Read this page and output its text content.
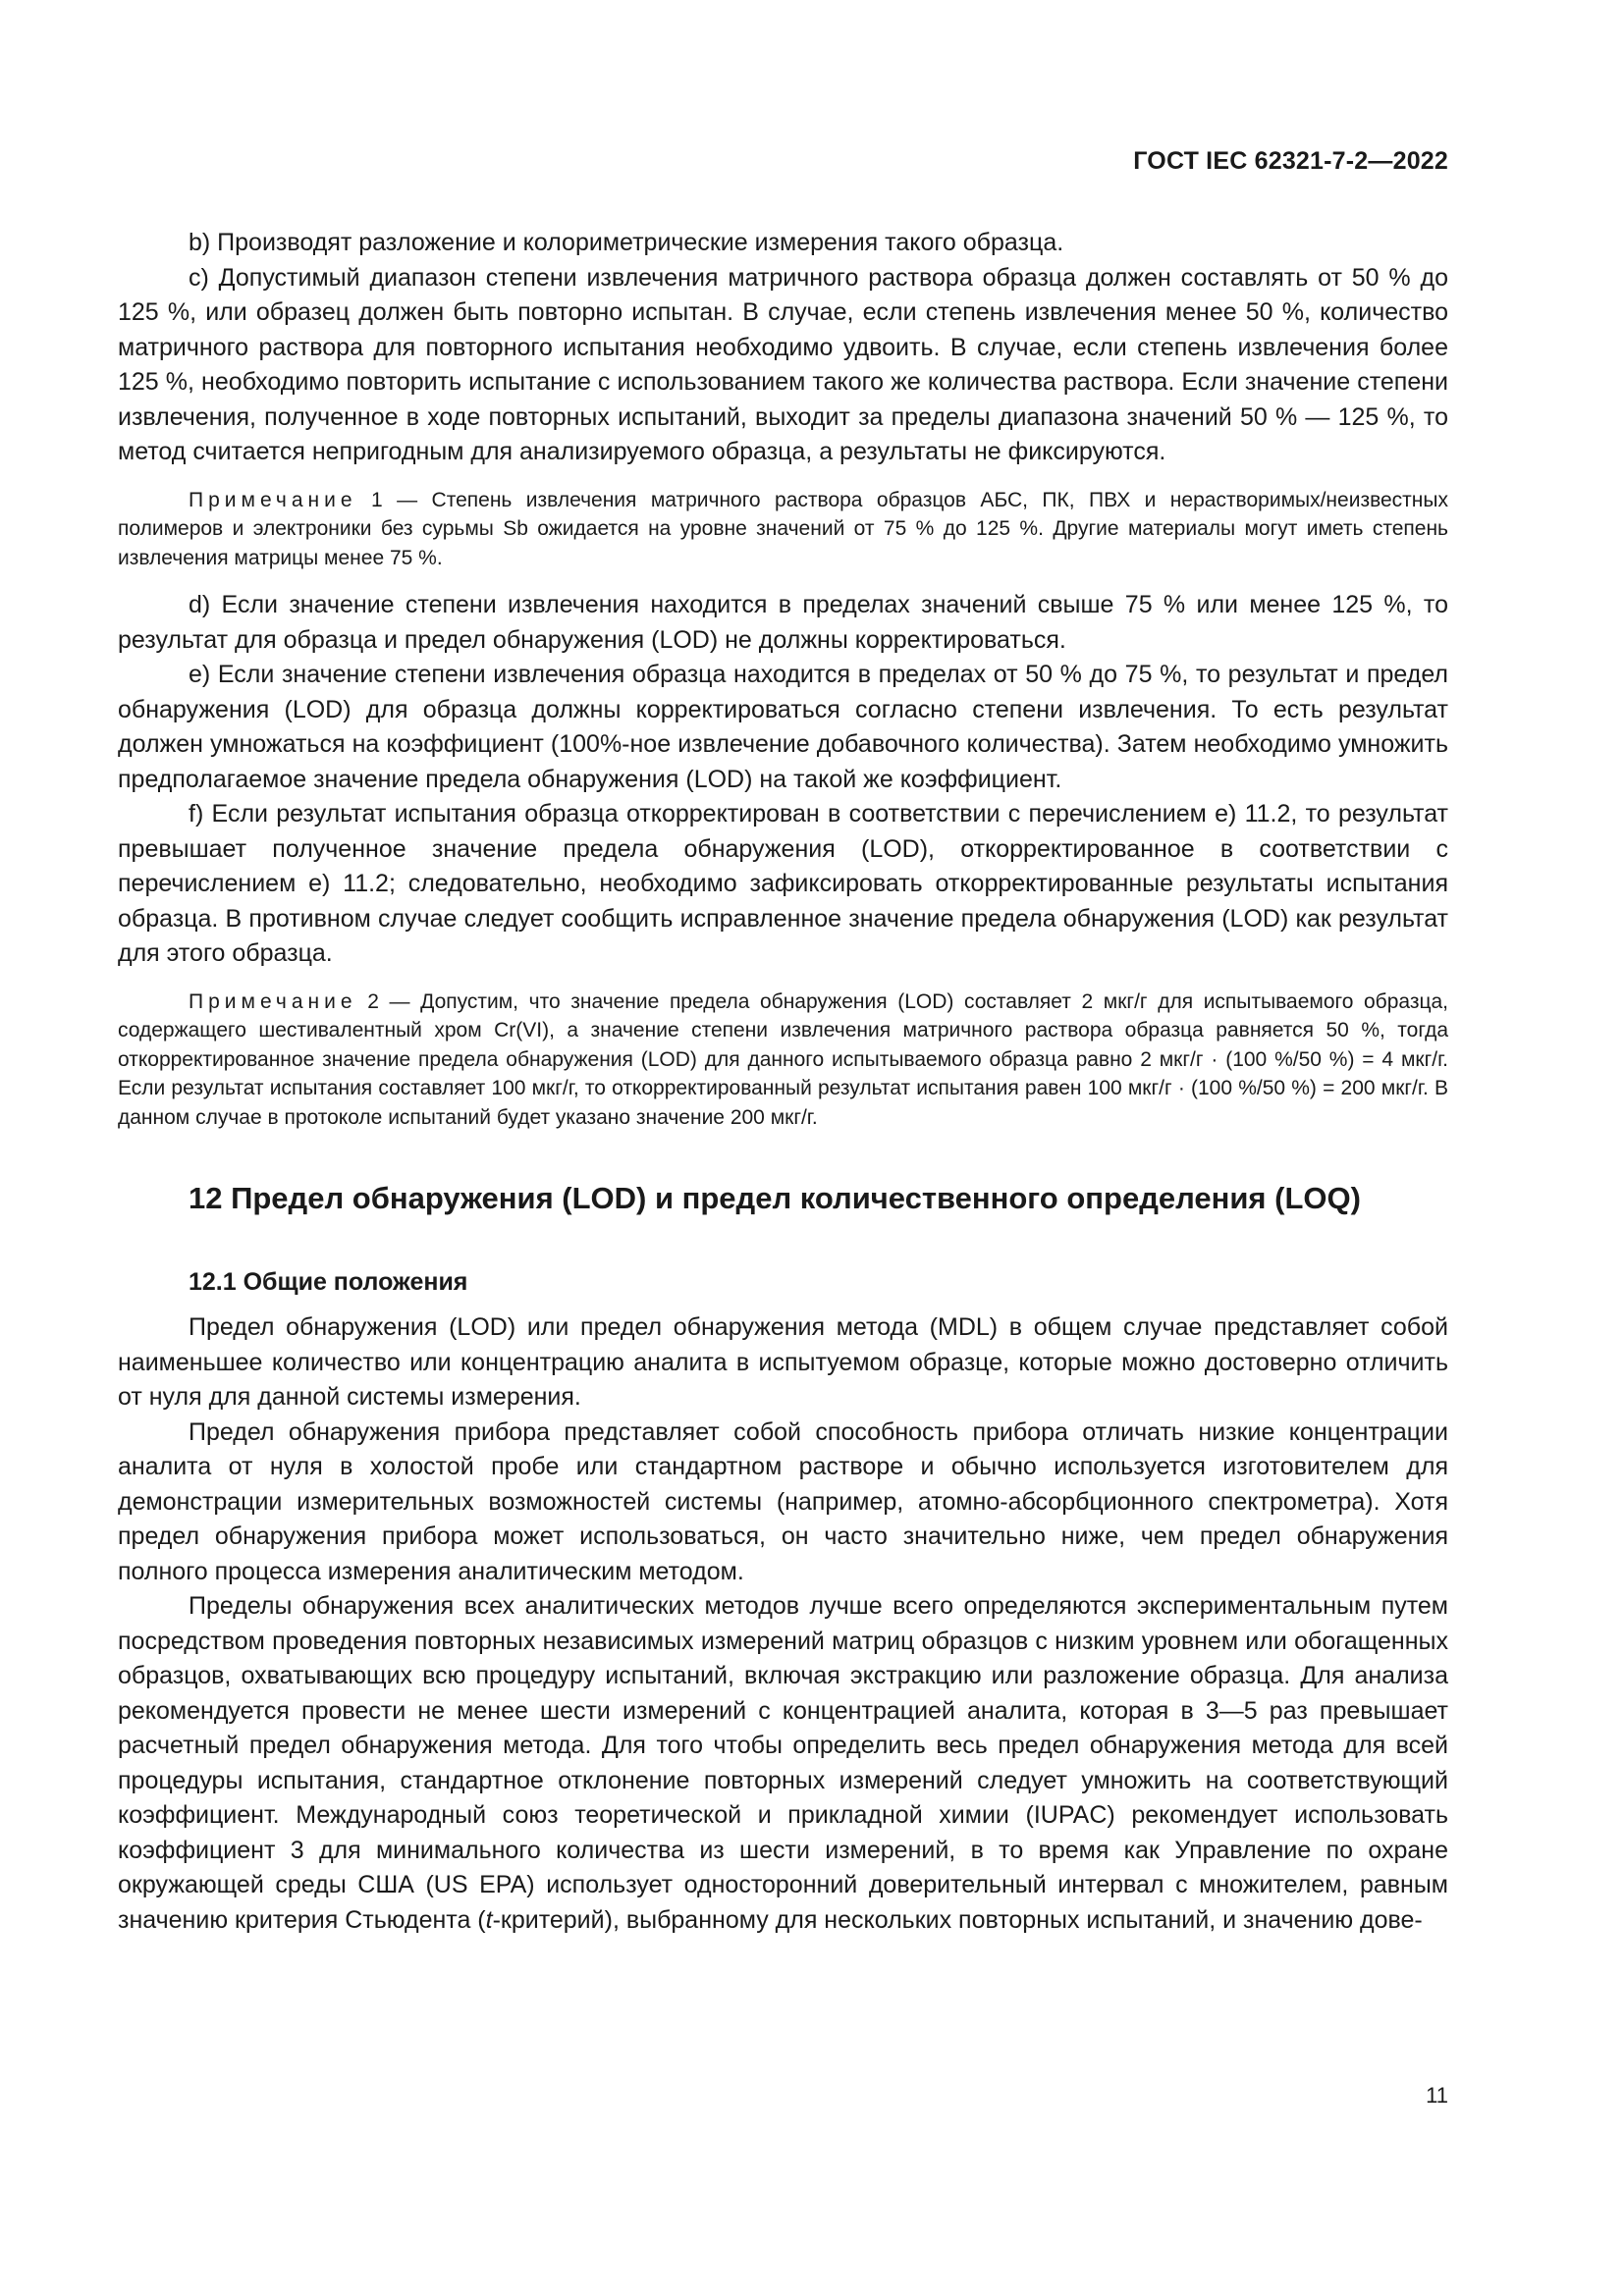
ГОСТ IEC 62321-7-2—2022

b) Производят разложение и колориметрические измерения такого образца.

c) Допустимый диапазон степени извлечения матричного раствора образца должен составлять от 50 % до 125 %, или образец должен быть повторно испытан. В случае, если степень извлечения менее 50 %, количество матричного раствора для повторного испытания необходимо удвоить. В случае, если степень извлечения более 125 %, необходимо повторить испытание с использованием такого же количества раствора. Если значение степени извлечения, полученное в ходе повторных испытаний, выходит за пределы диапазона значений 50 % — 125 %, то метод считается непригодным для анализируемого образца, а результаты не фиксируются.

Примечание 1 — Степень извлечения матричного раствора образцов АБС, ПК, ПВХ и нерастворимых/неизвестных полимеров и электроники без сурьмы Sb ожидается на уровне значений от 75 % до 125 %. Другие материалы могут иметь степень извлечения матрицы менее 75 %.

d) Если значение степени извлечения находится в пределах значений свыше 75 % или менее 125 %, то результат для образца и предел обнаружения (LOD) не должны корректироваться.

e) Если значение степени извлечения образца находится в пределах от 50 % до 75 %, то результат и предел обнаружения (LOD) для образца должны корректироваться согласно степени извлечения. То есть результат должен умножаться на коэффициент (100%-ное извлечение добавочного количества). Затем необходимо умножить предполагаемое значение предела обнаружения (LOD) на такой же коэффициент.

f) Если результат испытания образца откорректирован в соответствии с перечислением e) 11.2, то результат превышает полученное значение предела обнаружения (LOD), откорректированное в соответствии с перечислением e) 11.2; следовательно, необходимо зафиксировать откорректированные результаты испытания образца. В противном случае следует сообщить исправленное значение предела обнаружения (LOD) как результат для этого образца.

Примечание 2 — Допустим, что значение предела обнаружения (LOD) составляет 2 мкг/г для испытываемого образца, содержащего шестивалентный хром Cr(VI), а значение степени извлечения матричного раствора образца равняется 50 %, тогда откорректированное значение предела обнаружения (LOD) для данного испытываемого образца равно 2 мкг/г · (100 %/50 %) = 4 мкг/г. Если результат испытания составляет 100 мкг/г, то откорректированный результат испытания равен 100 мкг/г · (100 %/50 %) = 200 мкг/г. В данном случае в протоколе испытаний будет указано значение 200 мкг/г.

12 Предел обнаружения (LOD) и предел количественного определения (LOQ)
12.1 Общие положения

Предел обнаружения (LOD) или предел обнаружения метода (MDL) в общем случае представляет собой наименьшее количество или концентрацию аналита в испытуемом образце, которые можно достоверно отличить от нуля для данной системы измерения.

Предел обнаружения прибора представляет собой способность прибора отличать низкие концентрации аналита от нуля в холостой пробе или стандартном растворе и обычно используется изготовителем для демонстрации измерительных возможностей системы (например, атомно-абсорбционного спектрометра). Хотя предел обнаружения прибора может использоваться, он часто значительно ниже, чем предел обнаружения полного процесса измерения аналитическим методом.

Пределы обнаружения всех аналитических методов лучше всего определяются экспериментальным путем посредством проведения повторных независимых измерений матриц образцов с низким уровнем или обогащенных образцов, охватывающих всю процедуру испытаний, включая экстракцию или разложение образца. Для анализа рекомендуется провести не менее шести измерений с концентрацией аналита, которая в 3—5 раз превышает расчетный предел обнаружения метода. Для того чтобы определить весь предел обнаружения метода для всей процедуры испытания, стандартное отклонение повторных измерений следует умножить на соответствующий коэффициент. Международный союз теоретической и прикладной химии (IUPAC) рекомендует использовать коэффициент 3 для минимального количества из шести измерений, в то время как Управление по охране окружающей среды США (US EPA) использует односторонний доверительный интервал с множителем, равным значению критерия Стьюдента (t-критерий), выбранному для нескольких повторных испытаний, и значению дове-

11
